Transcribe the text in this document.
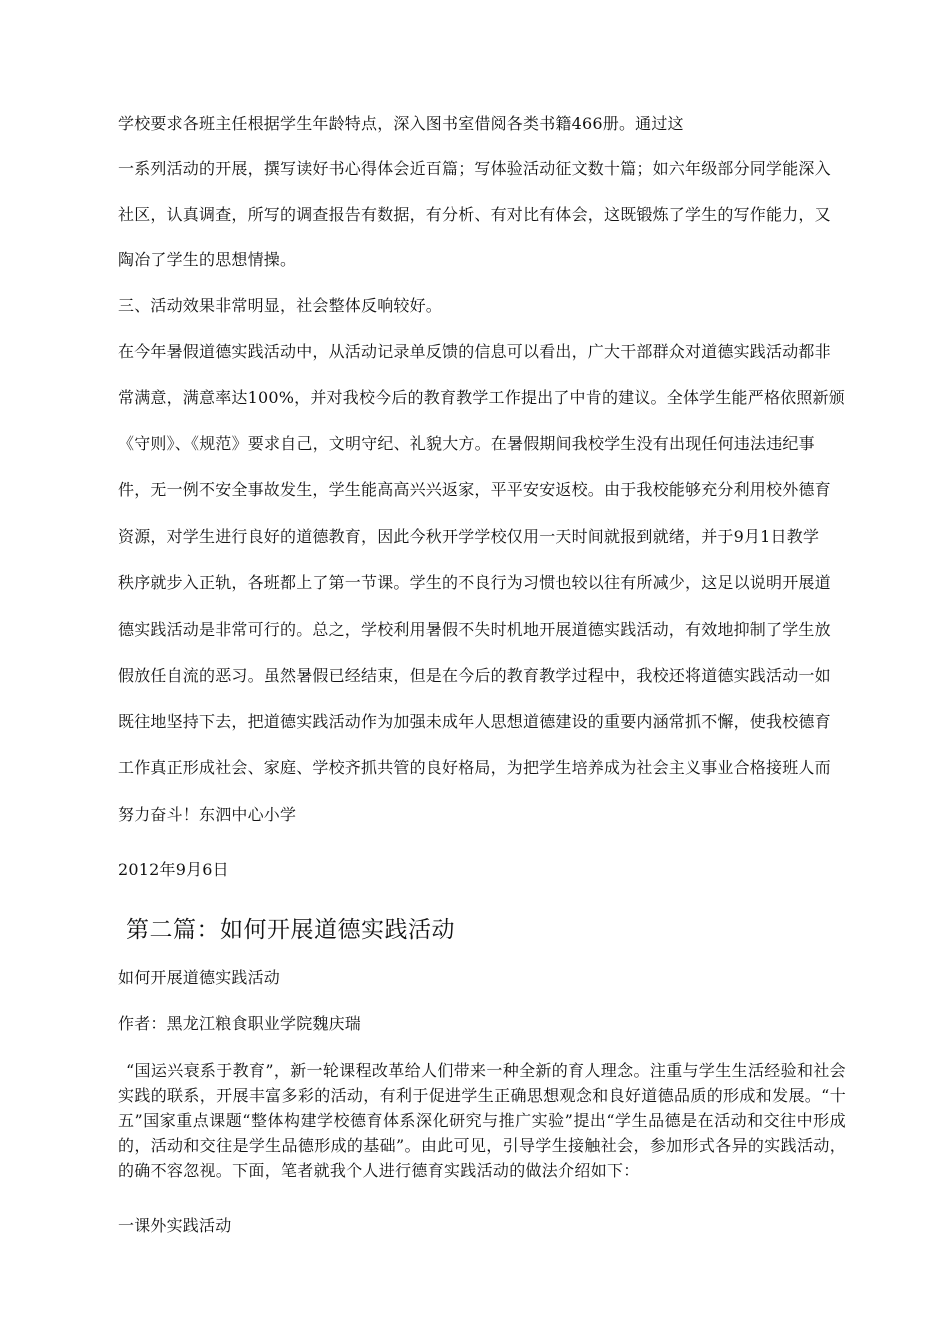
学校要求各班主任根据学生年龄特点，深入图书室借阅各类书籍466册。通过这
一系列活动的开展，撰写读好书心得体会近百篇；写体验活动征文数十篇；如六年级部分同学能深入
社区，认真调查，所写的调查报告有数据，有分析、有对比有体会，这既锻炼了学生的写作能力，又
陶冶了学生的思想情操。
三、活动效果非常明显，社会整体反响较好。
在今年暑假道德实践活动中，从活动记录单反馈的信息可以看出，广大干部群众对道德实践活动都非
常满意，满意率达100%，并对我校今后的教育教学工作提出了中肯的建议。全体学生能严格依照新颁
《守则》、《规范》要求自己，文明守纪、礼貌大方。在暑假期间我校学生没有出现任何违法违纪事
件，无一例不安全事故发生，学生能高高兴兴返家，平平安安返校。由于我校能够充分利用校外德育
资源，对学生进行良好的道德教育，因此今秋开学学校仅用一天时间就报到就绪，并于9月1日教学
秩序就步入正轨，各班都上了第一节课。学生的不良行为习惯也较以往有所减少，这足以说明开展道
德实践活动是非常可行的。总之，学校利用暑假不失时机地开展道德实践活动，有效地抑制了学生放
假放任自流的恶习。虽然暑假已经结束，但是在今后的教育教学过程中，我校还将道德实践活动一如
既往地坚持下去，把道德实践活动作为加强未成年人思想道德建设的重要内涵常抓不懈，使我校德育
工作真正形成社会、家庭、学校齐抓共管的良好格局，为把学生培养成为社会主义事业合格接班人而
努力奋斗！东泗中心小学
2012年9月6日
第二篇：如何开展道德实践活动
如何开展道德实践活动
作者：黑龙江粮食职业学院魏庆瑞
“国运兴衰系于教育”，新一轮课程改革给人们带来一种全新的育人理念。注重与学生生活经验和社会实践的联系，开展丰富多彩的活动，有利于促进学生正确思想观念和良好道德品质的形成和发展。“十五”国家重点课题“整体构建学校德育体系深化研究与推广实验”提出“学生品德是在活动和交往中形成的，活动和交往是学生品德形成的基础”。由此可见，引导学生接触社会，参加形式各异的实践活动，的确不容忽视。下面，笔者就我个人进行德育实践活动的做法介绍如下：
一课外实践活动
